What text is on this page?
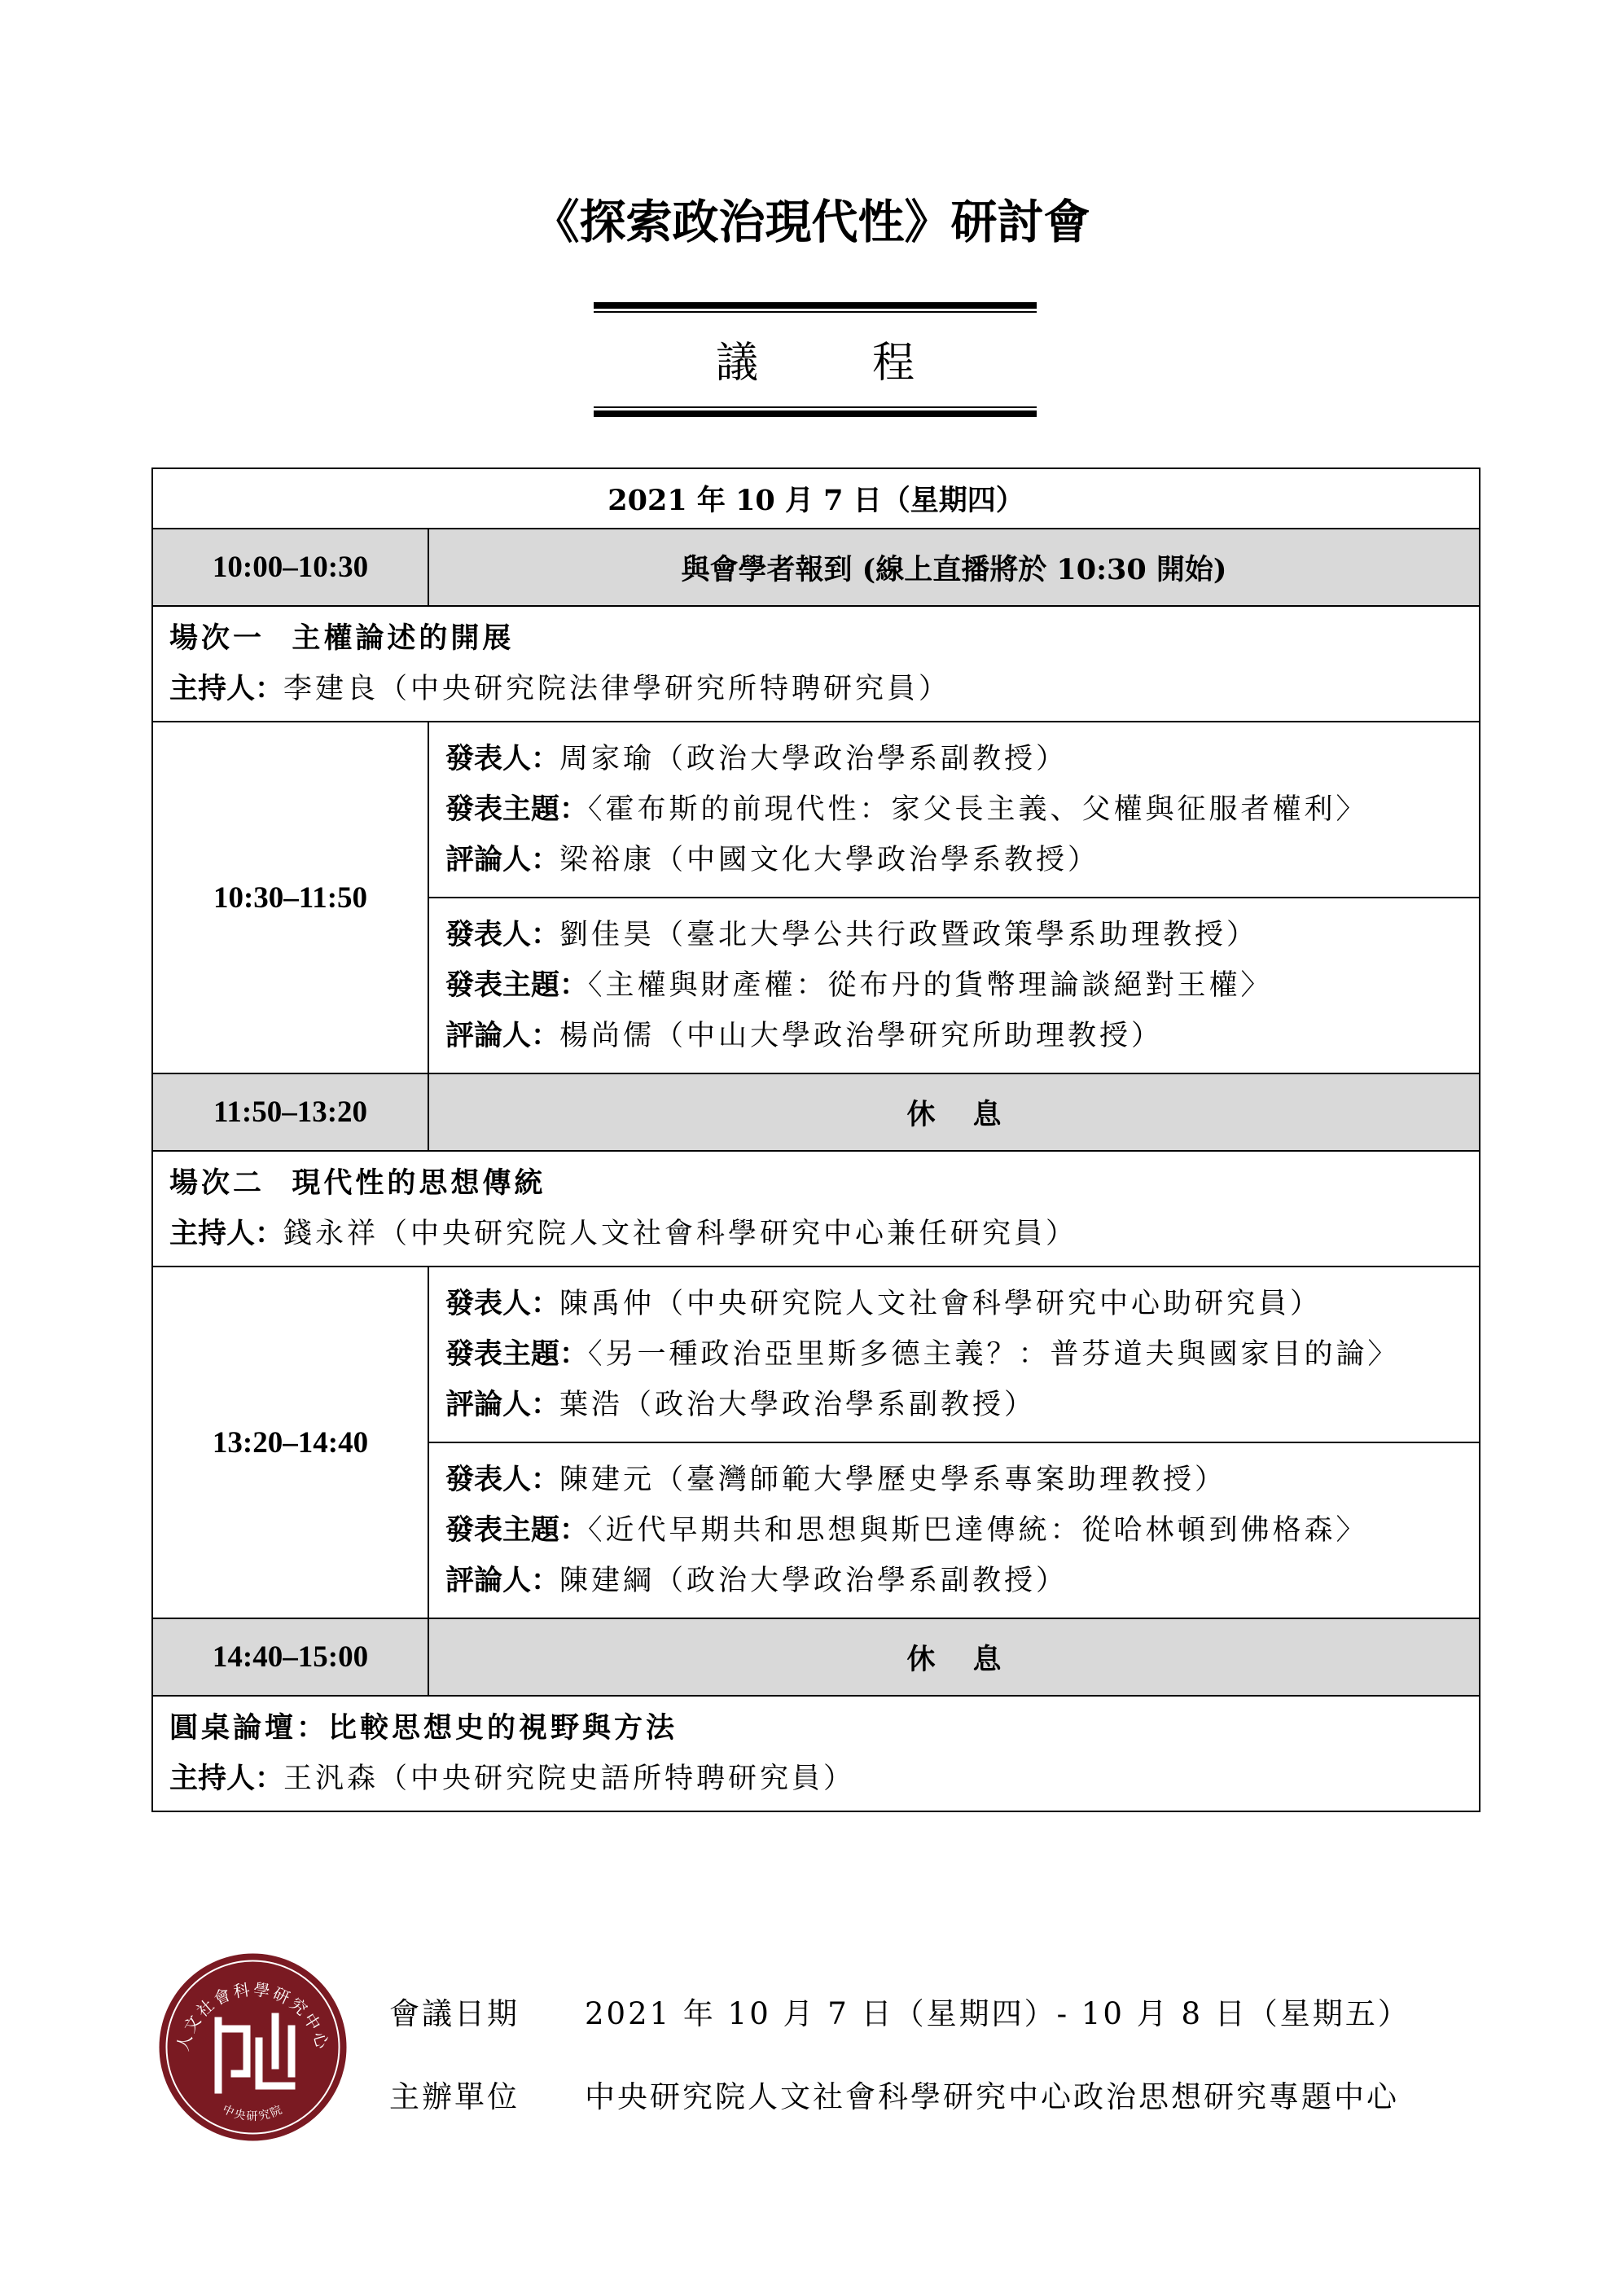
《探索政治現代性》研討會
議	程
2021 年 10 月 7 日（星期四）	
10:00–10:30	與會學者報到 (線上直播將於 10:30 開始)

場次一 主權論述的開展
主持人：李建良（中央研究院法律學研究所特聘研究員）	

10:30–11:50	發表人：周家瑜（政治大學政治學系副教授）
發表主題：〈霍布斯的前現代性：家父長主義、父權與征服者權利〉
評論人：梁裕康（中國文化大學政治學系教授）

	發表人：劉佳昊（臺北大學公共行政暨政策學系助理教授）
發表主題：〈主權與財產權：從布丹的貨幣理論談絕對王權〉
評論人：楊尚儒（中山大學政治學研究所助理教授）

11:50–13:20	休 息

場次二 現代性的思想傳統
主持人：錢永祥（中央研究院人文社會科學研究中心兼任研究員）	

13:20–14:40	發表人：陳禹仲（中央研究院人文社會科學研究中心助研究員）
發表主題：〈另一種政治亞里斯多德主義？：普芬道夫與國家目的論〉
評論人：葉浩（政治大學政治學系副教授）

	發表人：陳建元（臺灣師範大學歷史學系專案助理教授）
發表主題：〈近代早期共和思想與斯巴達傳統：從哈林頓到佛格森〉
評論人：陳建綱（政治大學政治學系副教授）

14:40–15:00	休 息

圓桌論壇：比較思想史的視野與方法
主持人：王汎森（中央研究院史語所特聘研究員）	
人文社會科學研究中心
中央研究院
會議日期 2021 年 10 月 7 日（星期四）- 10 月 8 日（星期五）
主辦單位 中央研究院人文社會科學研究中心政治思想研究專題中心
